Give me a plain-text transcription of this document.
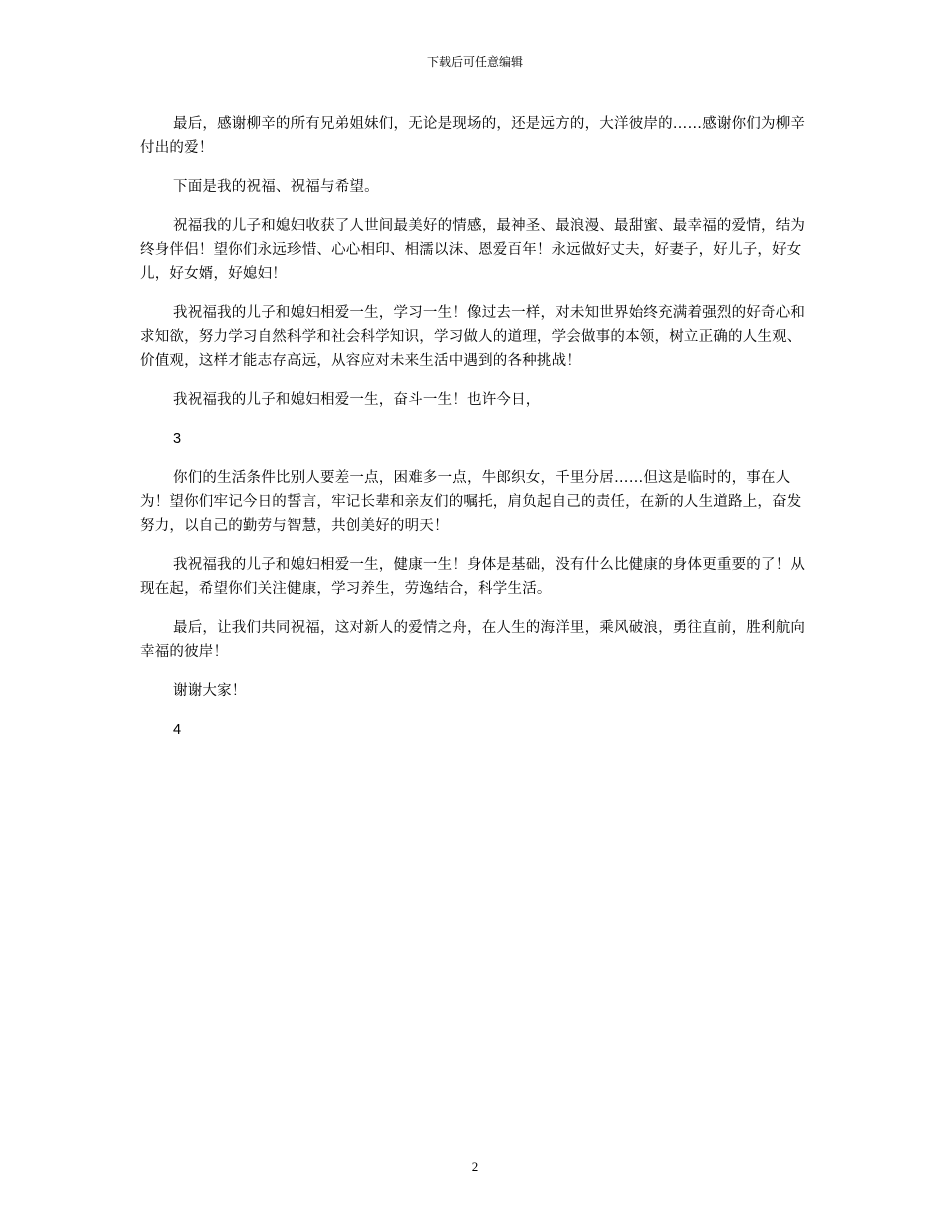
下载后可任意编辑

最后，感谢柳辛的所有兄弟姐妹们，无论是现场的，还是远方的，大洋彼岸的……感谢你们为柳辛付出的爱！

下面是我的祝福、祝福与希望。

祝福我的儿子和媳妇收获了人世间最美好的情感，最神圣、最浪漫、最甜蜜、最幸福的爱情，结为终身伴侣！望你们永远珍惜、心心相印、相濡以沫、恩爱百年！永远做好丈夫，好妻子，好儿子，好女儿，好女婿，好媳妇！

我祝福我的儿子和媳妇相爱一生，学习一生！像过去一样，对未知世界始终充满着强烈的好奇心和求知欲，努力学习自然科学和社会科学知识，学习做人的道理，学会做事的本领，树立正确的人生观、价值观，这样才能志存高远，从容应对未来生活中遇到的各种挑战！

我祝福我的儿子和媳妇相爱一生，奋斗一生！也许今日，

3

你们的生活条件比别人要差一点，困难多一点，牛郎织女，千里分居……但这是临时的，事在人为！望你们牢记今日的誓言，牢记长辈和亲友们的嘱托，肩负起自己的责任，在新的人生道路上，奋发努力，以自己的勤劳与智慧，共创美好的明天！

我祝福我的儿子和媳妇相爱一生，健康一生！身体是基础，没有什么比健康的身体更重要的了！从现在起，希望你们关注健康，学习养生，劳逸结合，科学生活。

最后，让我们共同祝福，这对新人的爱情之舟，在人生的海洋里，乘风破浪，勇往直前，胜利航向幸福的彼岸！

谢谢大家！

4

2
